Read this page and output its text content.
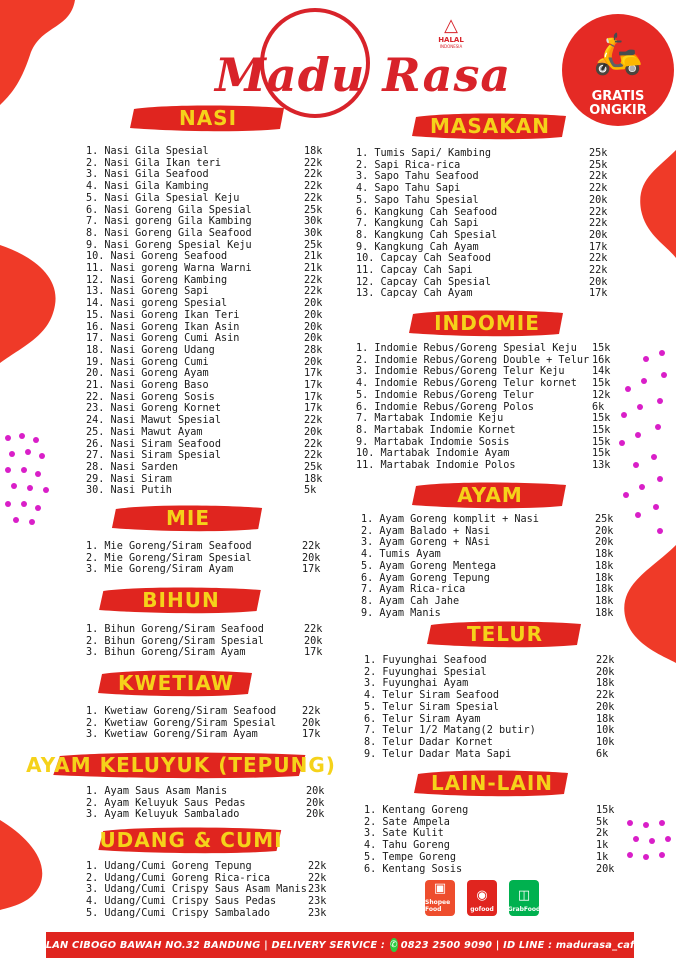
Madu Rasa
△
HALAL
INDONESIA	🛵
GRATIS
ONGKIR
NASI
MIE
BIHUN
KWETIAW
AYAM KELUYUK (TEPUNG)
UDANG & CUMI
MASAKAN
INDOMIE
AYAM
TELUR
LAIN-LAIN
1. Nasi Gila Spesial	18k
2. Nasi Gila Ikan teri	22k
3. Nasi Gila Seafood	22k
4. Nasi Gila Kambing	22k
5. Nasi Gila Spesial Keju	22k
6. Nasi Goreng Gila Spesial	25k
7. Nasi goreng Gila Kambing	30k
8. Nasi Goreng Gila Seafood	30k
9. Nasi Goreng Spesial Keju	25k
10. Nasi Goreng Seafood	21k
11. Nasi goreng Warna Warni	21k
12. Nasi Goreng Kambing	22k
13. Nasi Goreng Sapi	22k
14. Nasi goreng Spesial	20k
15. Nasi Goreng Ikan Teri	20k
16. Nasi Goreng Ikan Asin	20k
17. Nasi Goreng Cumi Asin	20k
18. Nasi Goreng Udang	28k
19. Nasi Goreng Cumi	20k
20. Nasi Goreng Ayam	17k
21. Nasi Goreng Baso	17k
22. Nasi Goreng Sosis	17k
23. Nasi Goreng Kornet	17k
24. Nasi Mawut Spesial	22k
25. Nasi Mawut Ayam	20k
26. Nasi Siram Seafood	22k
27. Nasi Siram Spesial	22k
28. Nasi Sarden	25k
29. Nasi Siram	18k
30. Nasi Putih	5k
1. Mie Goreng/Siram Seafood	22k
2. Mie Goreng/Siram Spesial	20k
3. Mie Goreng/Siram Ayam	17k
1. Bihun Goreng/Siram Seafood	22k
2. Bihun Goreng/Siram Spesial	20k
3. Bihun Goreng/Siram Ayam	17k
1. Kwetiaw Goreng/Siram Seafood	22k
2. Kwetiaw Goreng/Siram Spesial	20k
3. Kwetiaw Goreng/Siram Ayam	17k
1. Ayam Saus Asam Manis	20k
2. Ayam Keluyuk Saus Pedas	20k
3. Ayam Keluyuk Sambalado	20k
1. Udang/Cumi Goreng Tepung	22k
2. Udang/Cumi Goreng Rica-rica	22k
3. Udang/Cumi Crispy Saus Asam Manis 23k
4. Udang/Cumi Crispy Saus Pedas	23k
5. Udang/Cumi Crispy Sambalado	23k
1. Tumis Sapi/ Kambing	25k
2. Sapi Rica-rica	25k
3. Sapo Tahu Seafood	22k
4. Sapo Tahu Sapi	22k
5. Sapo Tahu Spesial	20k
6. Kangkung Cah Seafood	22k
7. Kangkung Cah Sapi	22k
8. Kangkung Cah Spesial	20k
9. Kangkung Cah Ayam	17k
10. Capcay Cah Seafood	22k
11. Capcay Cah Sapi	22k
12. Capcay Cah Spesial	20k
13. Capcay Cah Ayam	17k
1. Indomie Rebus/Goreng Spesial Keju 15k
2. Indomie Rebus/Goreng Double + Telur 16k
3. Indomie Rebus/Goreng Telur Keju	14k
4. Indomie Rebus/Goreng Telur kornet 15k
5. Indomie Rebus/Goreng Telur	12k
6. Indomie Rebus/Goreng Polos	6k
7. Martabak Indomie Keju	15k
8. Martabak Indomie Kornet	15k
9. Martabak Indomie Sosis	15k
10. Martabak Indomie Ayam	15k
11. Martabak Indomie Polos	13k
1. Ayam Goreng komplit + Nasi	25k
2. Ayam Balado + Nasi	20k
3. Ayam Goreng + NAsi	20k
4. Tumis Ayam	18k
5. Ayam Goreng Mentega	18k
6. Ayam Goreng Tepung	18k
7. Ayam Rica-rica	18k
8. Ayam Cah Jahe	18k
9. Ayam Manis	18k
1. Fuyunghai Seafood	22k
2. Fuyunghai Spesial	20k
3. Fuyunghai Ayam	18k
4. Telur Siram Seafood	22k
5. Telur Siram Spesial	20k
6. Telur Siram Ayam	18k
7. Telur 1/2 Matang(2 butir)	10k
8. Telur Dadar Kornet	10k
9. Telur Dadar Mata Sapi	6k
1. Kentang Goreng	15k
2. Sate Ampela	5k
3. Sate Kulit	2k
4. Tahu Goreng	1k
5. Tempe Goreng	1k
6. Kentang Sosis	20k
▣
Shopee Food
◉
gofood
◫
GrabFood
JALAN CIBOGO BAWAH NO.32 BANDUNG | DELIVERY SERVICE : ✆ 0823 2500 9090 | ID LINE : madurasa_caffe
